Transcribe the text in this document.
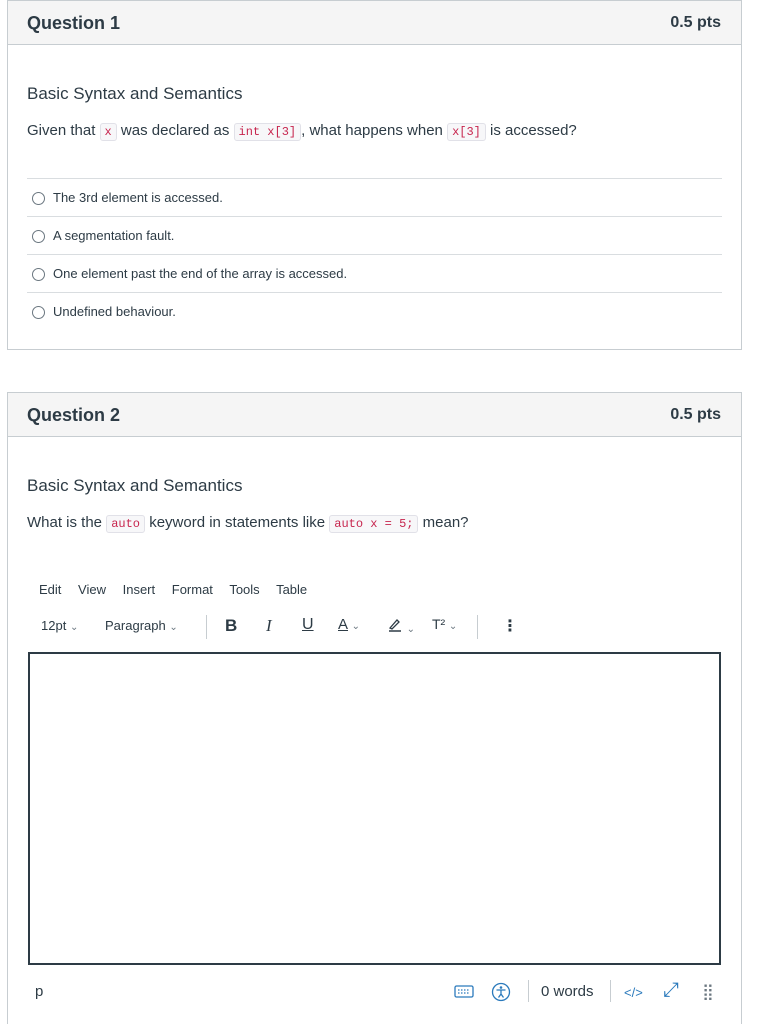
Question 1	0.5 pts
Basic Syntax and Semantics
Given that x was declared as int x[3] , what happens when x[3] is accessed?
The 3rd element is accessed.
A segmentation fault.
One element past the end of the array is accessed.
Undefined behaviour.
Question 2	0.5 pts
Basic Syntax and Semantics
What is the auto keyword in statements like auto x = 5; mean?
Edit View Insert Format Tools Table
12pt ⌄ Paragraph ⌄	B I U A ⌄	⌄ T² ⌄	⋮
p	0 words </> ⤢ ⣿
